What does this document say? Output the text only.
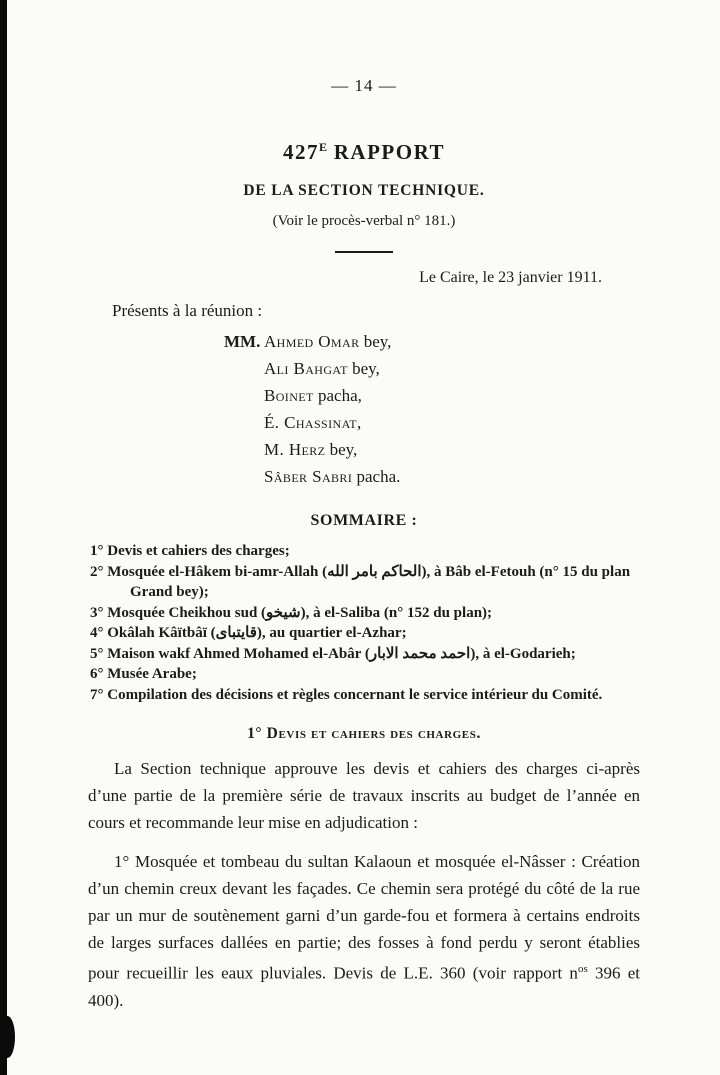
— 14 —
$427^E$ RAPPORT
DE LA SECTION TECHNIQUE.
(Voir le procès-verbal n° 181.)
Le Caire, le 23 janvier 1911.
Présents à la réunion :
MM. Ahmed Omar bey,
Ali Bahgat bey,
Boinet pacha,
É. Chassinat,
M. Herz bey,
Sâber Sabri pacha.
SOMMAIRE :
1° Devis et cahiers des charges;
2° Mosquée el-Hâkem bi-amr-Allah (الحاكم بامر الله), à Bâb el-Fetouh (n° 15 du plan Grand bey);
3° Mosquée Cheikhou sud (شيخو), à el-Saliba (n° 152 du plan);
4° Okâlah Kâïtbâï (قايتباى), au quartier el-Azhar;
5° Maison wakf Ahmed Mohamed el-Abâr (احمد محمد الابار), à el-Godarieh;
6° Musée Arabe;
7° Compilation des décisions et règles concernant le service intérieur du Comité.
1° Devis et cahiers des charges.

La Section technique approuve les devis et cahiers des charges ci-après d’une partie de la première série de travaux inscrits au budget de l’année en cours et recommande leur mise en adjudication :

1° Mosquée et tombeau du sultan Kalaoun et mosquée el-Nâsser : Création d’un chemin creux devant les façades. Ce chemin sera protégé du côté de la rue par un mur de soutènement garni d’un garde-fou et formera à certains endroits de larges surfaces dallées en partie; des fosses à fond perdu y seront établies pour recueillir les eaux pluviales. Devis de L.E. 360 (voir rapport $n^{os}$ 396 et 400).
